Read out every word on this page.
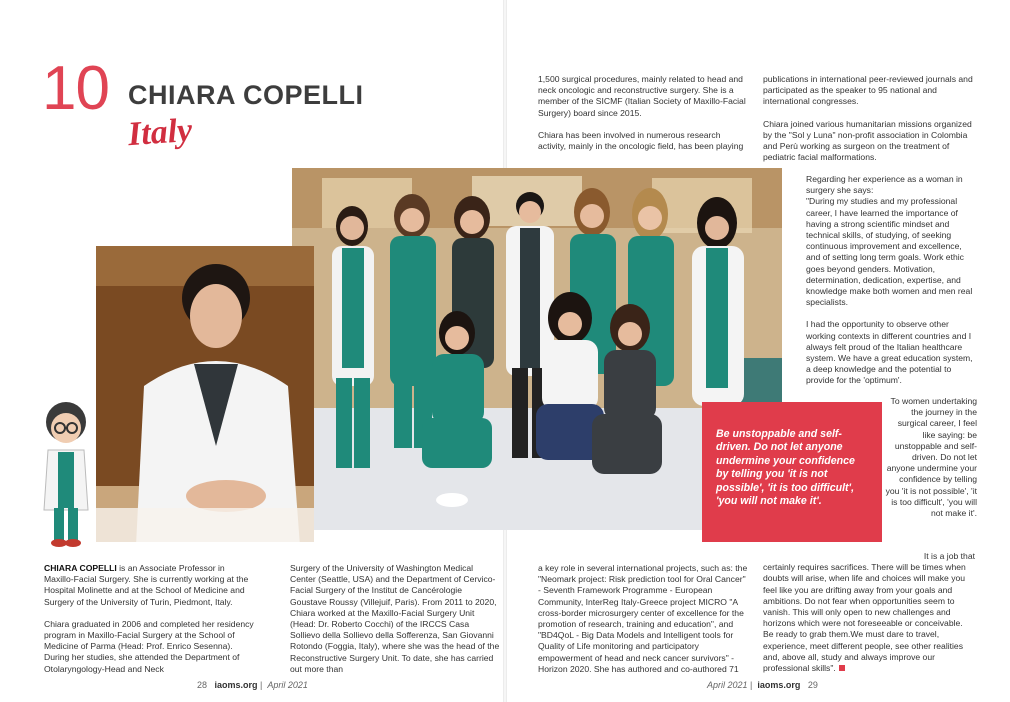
10 CHIARA COPELLI
Italy

1,500 surgical procedures, mainly related to head and neck oncologic and reconstructive surgery. She is a member of the SICMF (Italian Society of Maxillo-Facial Surgery) board since 2015.

Chiara has been involved in numerous research activity, mainly in the oncologic field, has been playing

publications in international peer-reviewed journals and participated as the speaker to 95 national and international congresses.

Chiara joined various humanitarian missions organized by the "Sol y Luna" non-profit association in Colombia and Perù working as surgeon on the treatment of pediatric facial malformations.

Regarding her experience as a woman in surgery she says:

"During my studies and my professional career, I have learned the importance of having a strong scientific mindset and technical skills, of studying, of seeking continuous improvement and excellence, and of setting long term goals. Work ethic goes beyond genders. Motivation, determination, dedication, expertise, and knowledge make both women and men real specialists.

I had the opportunity to observe other working contexts in different countries and I always felt proud of the Italian healthcare system. We have a great education system, a deep knowledge and the potential to provide for the 'optimum'.

Be unstoppable and self-driven. Do not let anyone undermine your confidence by telling you 'it is not possible', 'it is too difficult', 'you will not make it'.
To women undertaking the journey in the surgical career, I feel like saying: be unstoppable and self-driven. Do not let anyone undermine your confidence by telling you 'it is not possible', 'it is too difficult', 'you will not make it'.

CHIARA COPELLI is an Associate Professor in Maxillo-Facial Surgery. She is currently working at the Hospital Molinette and at the School of Medicine and Surgery of the University of Turin, Piedmont, Italy.

Chiara graduated in 2006 and completed her residency program in Maxillo-Facial Surgery at the School of Medicine of Parma (Head: Prof. Enrico Sesenna). During her studies, she attended the Department of Otolaryngology-Head and Neck

Surgery of the University of Washington Medical Center (Seattle, USA) and the Department of Cervico-Facial Surgery of the Institut de Cancérologie Goustave Roussy (Villejuif, Paris). From 2011 to 2020, Chiara worked at the Maxillo-Facial Surgery Unit (Head: Dr. Roberto Cocchi) of the IRCCS Casa Sollievo della Sollievo della Sofferenza, San Giovanni Rotondo (Foggia, Italy), where she was the head of the Reconstructive Surgery Unit. To date, she has carried out more than

a key role in several international projects, such as: the "Neomark project: Risk prediction tool for Oral Cancer" - Seventh Framework Programme - European Community, InterReg Italy-Greece project MICRO "A cross-border microsurgery center of excellence for the promotion of research, training and education", and "BD4QoL - Big Data Models and Intelligent tools for Quality of Life monitoring and participatory empowerment of head and neck cancer survivors" - Horizon 2020. She has authored and co-authored 71

It is a job that

certainly requires sacrifices. There will be times when doubts will arise, when life and choices will make you feel like you are drifting away from your goals and ambitions. Do not fear when opportunities seem to vanish. This will only open to new challenges and horizons which were not foreseeable or conceivable. Be ready to grab them.We must dare to travel, experience, meet different people, see other realities and, above all, study and always improve our professional skills".

28 iaoms.org |  April 2021	April 2021 |  iaoms.org 29
